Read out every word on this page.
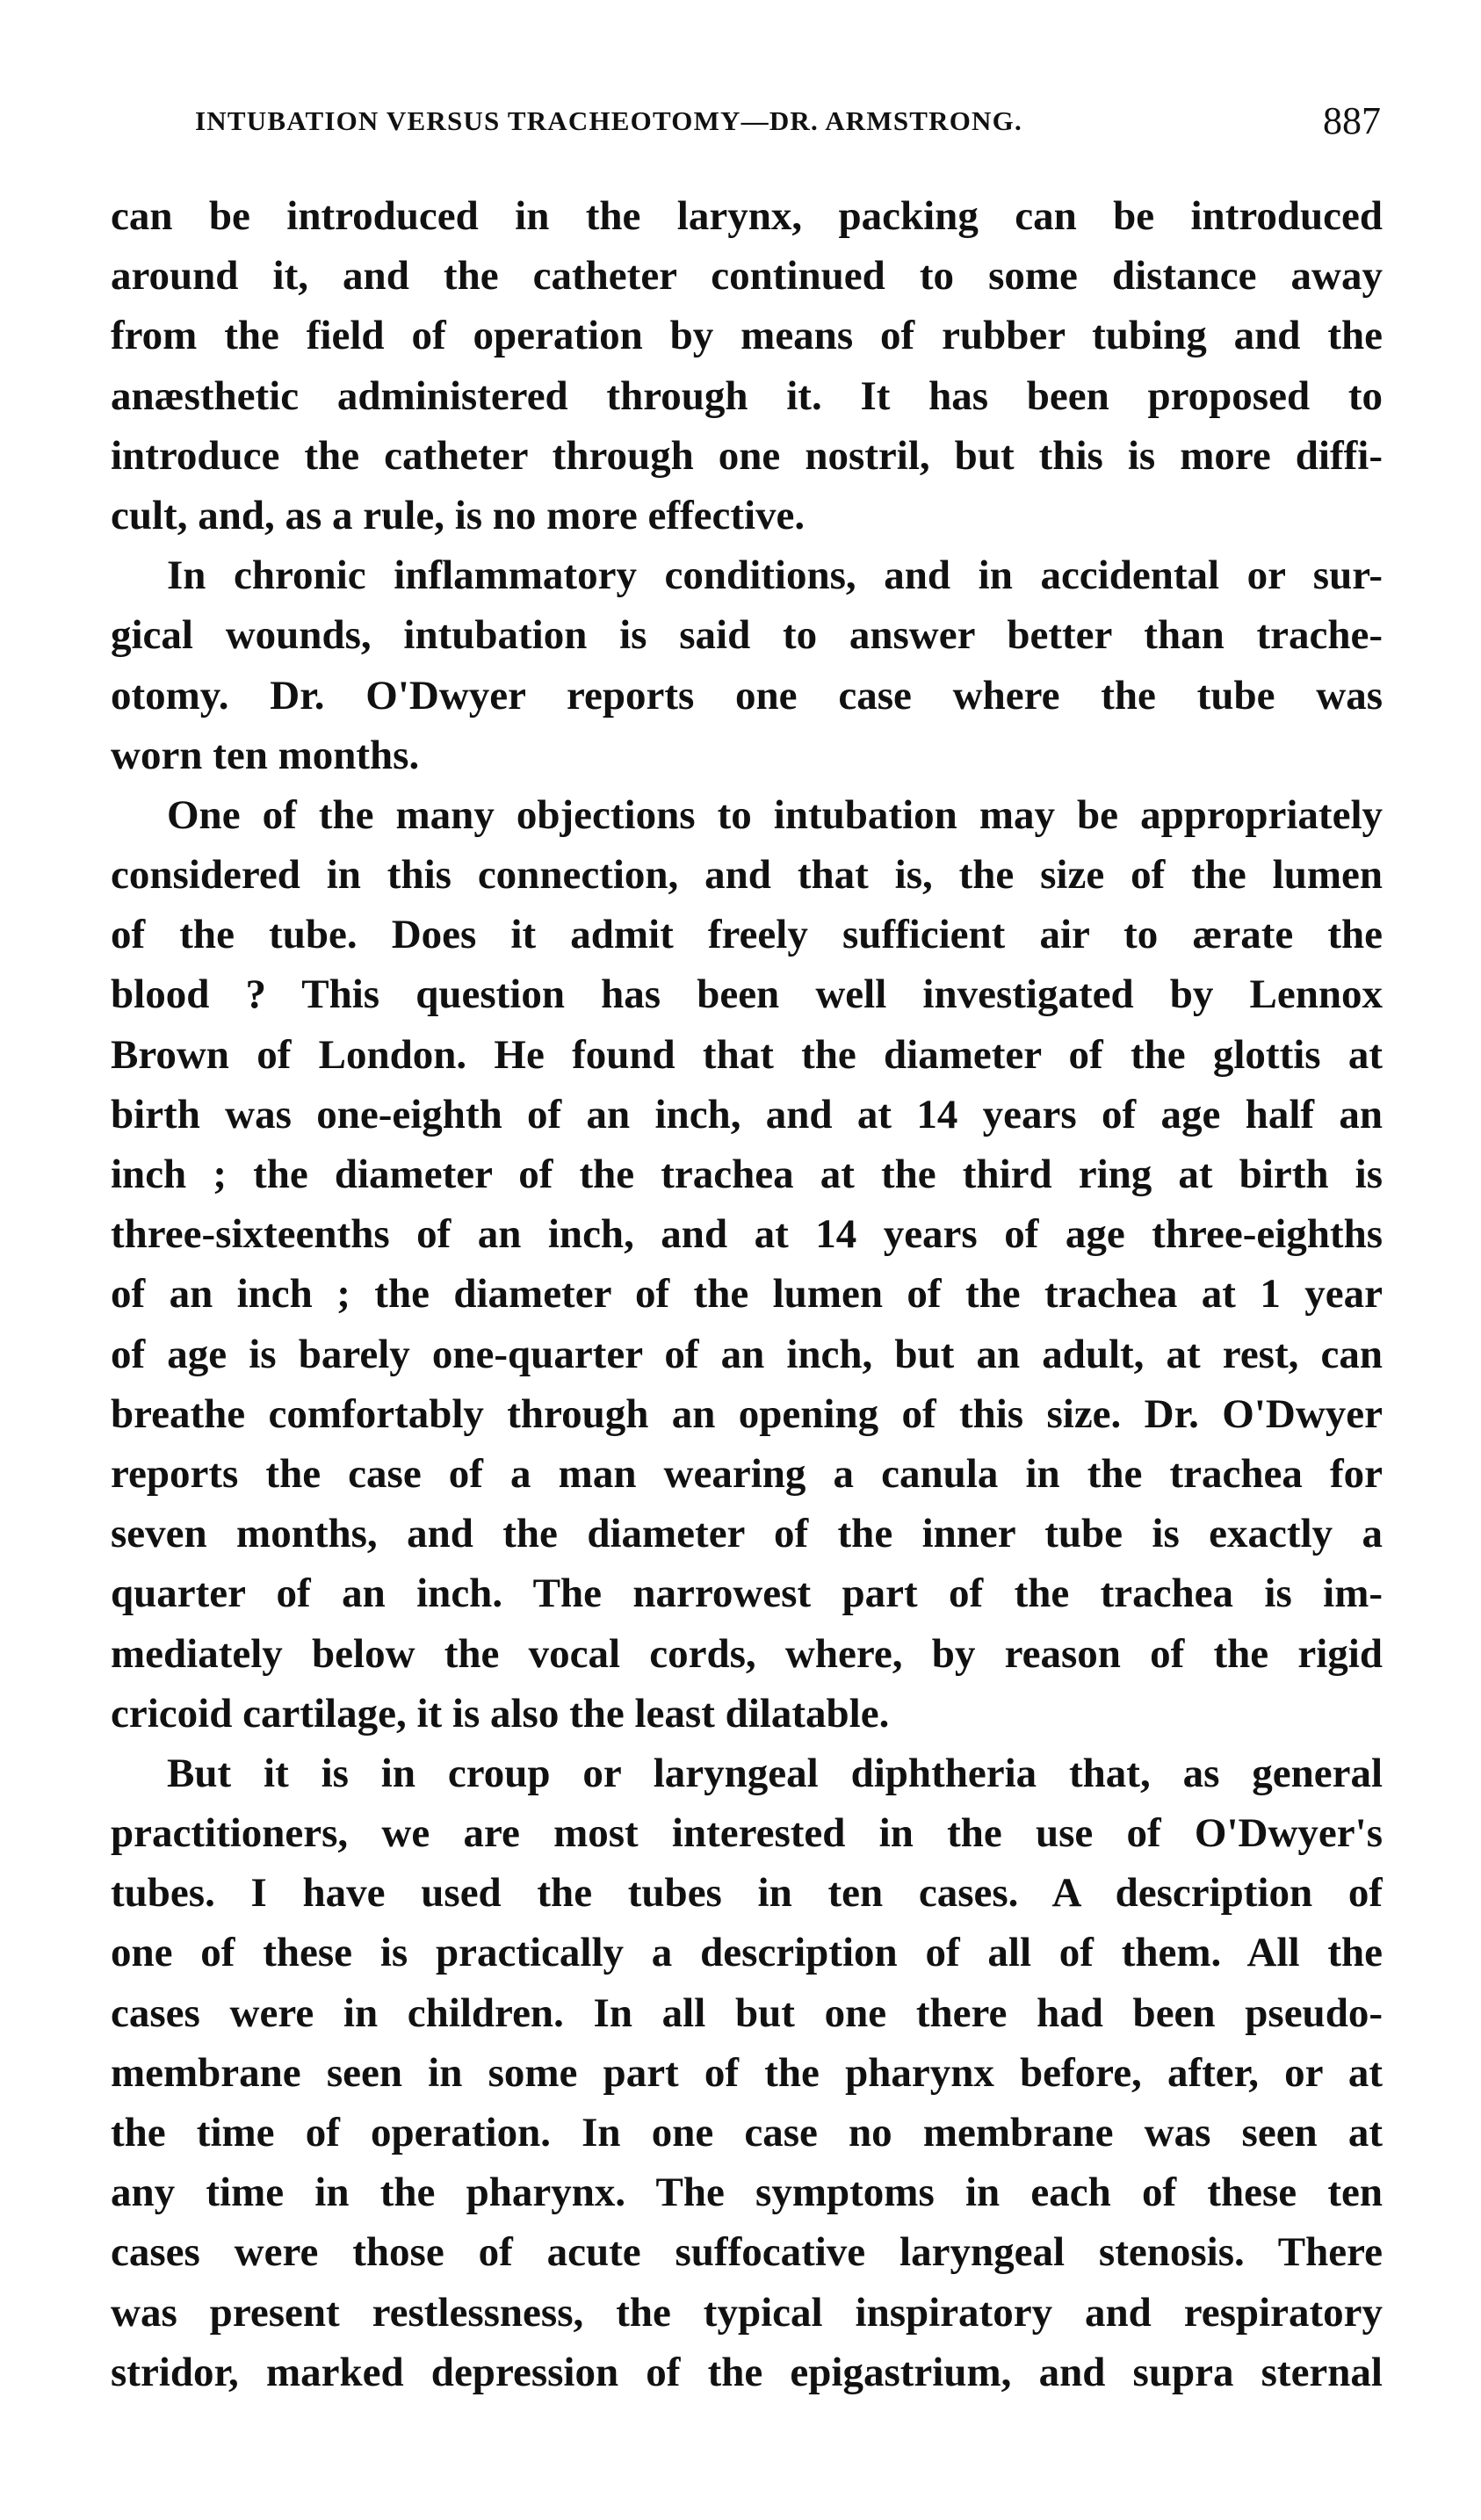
INTUBATION VERSUS TRACHEOTOMY—DR. ARMSTRONG.	887
can be introduced in the larynx, packing can be introduced
around it, and the catheter continued to some distance away
from the field of operation by means of rubber tubing and the
anæsthetic administered through it. It has been proposed to
introduce the catheter through one nostril, but this is more diffi-
cult, and, as a rule, is no more effective.
In chronic inflammatory conditions, and in accidental or sur-
gical wounds, intubation is said to answer better than trache-
otomy. Dr. O'Dwyer reports one case where the tube was
worn ten months.
One of the many objections to intubation may be appropriately
considered in this connection, and that is, the size of the lumen
of the tube. Does it admit freely sufficient air to ærate the
blood ? This question has been well investigated by Lennox
Brown of London. He found that the diameter of the glottis at
birth was one-eighth of an inch, and at 14 years of age half an
inch ; the diameter of the trachea at the third ring at birth is
three-sixteenths of an inch, and at 14 years of age three-eighths
of an inch ; the diameter of the lumen of the trachea at 1 year
of age is barely one-quarter of an inch, but an adult, at rest, can
breathe comfortably through an opening of this size. Dr. O'Dwyer
reports the case of a man wearing a canula in the trachea for
seven months, and the diameter of the inner tube is exactly a
quarter of an inch. The narrowest part of the trachea is im-
mediately below the vocal cords, where, by reason of the rigid
cricoid cartilage, it is also the least dilatable.
But it is in croup or laryngeal diphtheria that, as general
practitioners, we are most interested in the use of O'Dwyer's
tubes. I have used the tubes in ten cases. A description of
one of these is practically a description of all of them. All the
cases were in children. In all but one there had been pseudo-
membrane seen in some part of the pharynx before, after, or at
the time of operation. In one case no membrane was seen at
any time in the pharynx. The symptoms in each of these ten
cases were those of acute suffocative laryngeal stenosis. There
was present restlessness, the typical inspiratory and respiratory
stridor, marked depression of the epigastrium, and supra sternal
